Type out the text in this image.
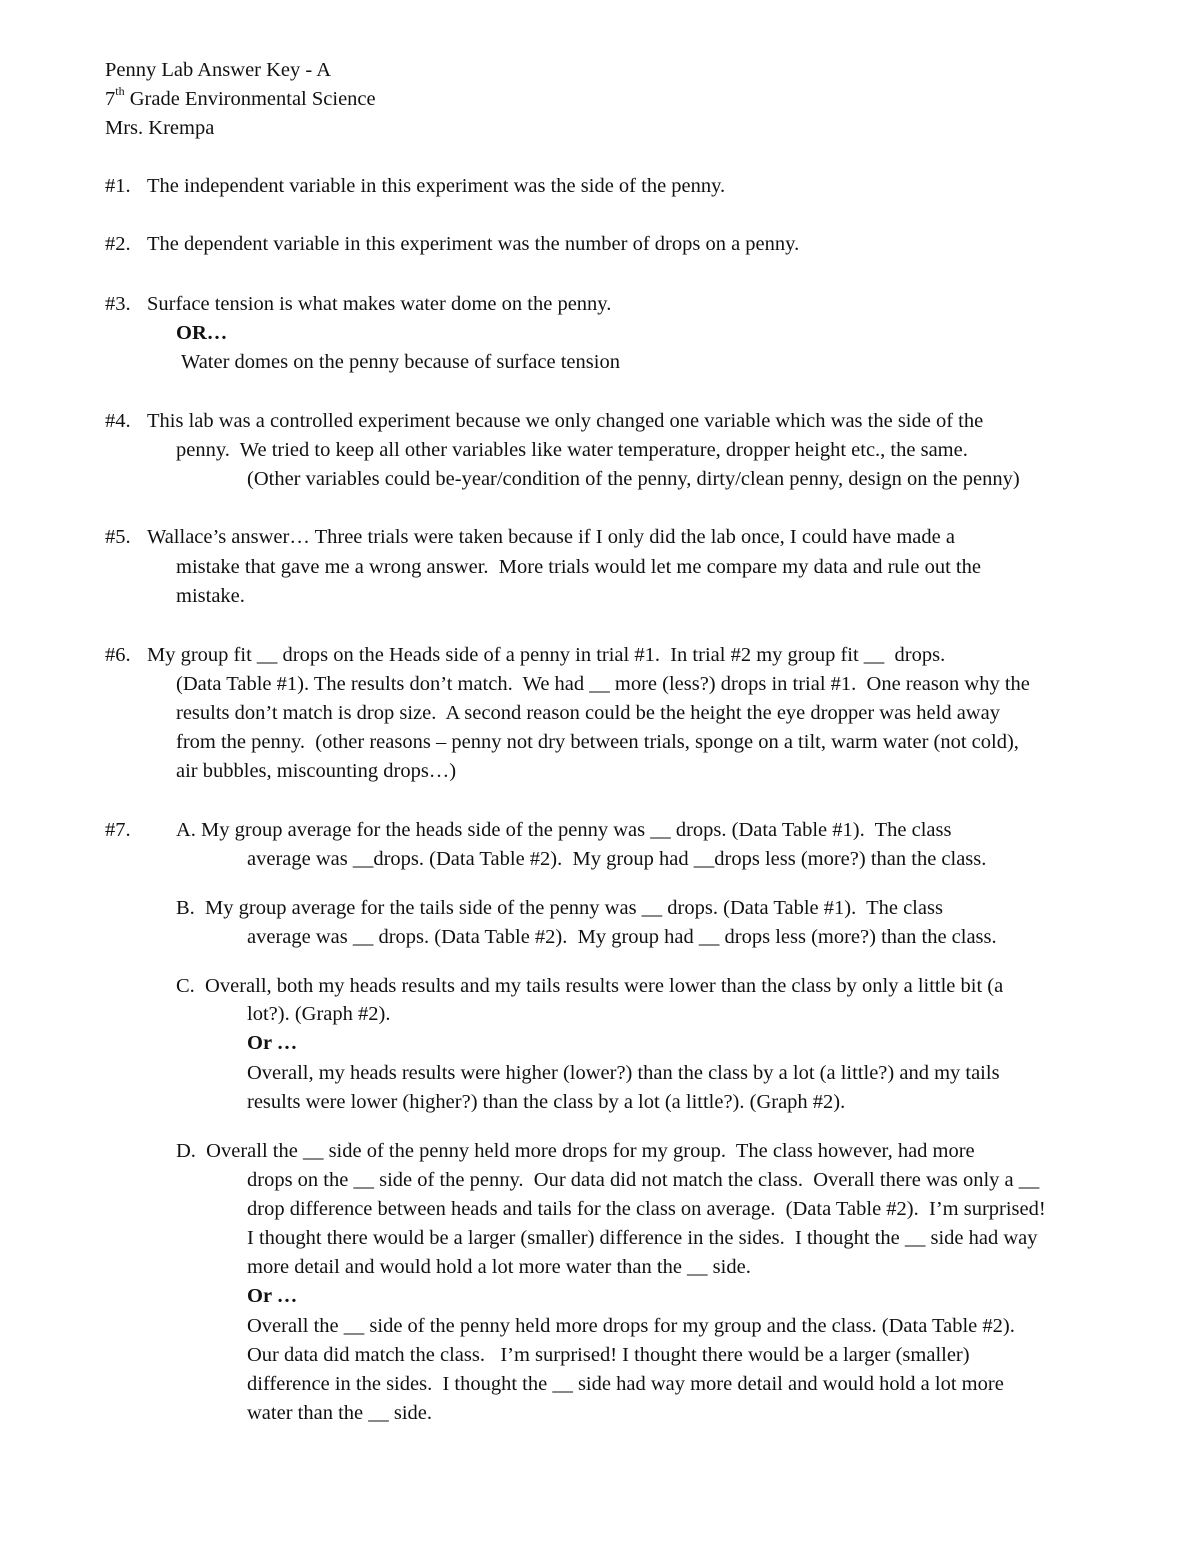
Penny Lab Answer Key - A
7th Grade Environmental Science
Mrs. Krempa
#1. The independent variable in this experiment was the side of the penny.
#2. The dependent variable in this experiment was the number of drops on a penny.
#3. Surface tension is what makes water dome on the penny.
OR…
Water domes on the penny because of surface tension
#4. This lab was a controlled experiment because we only changed one variable which was the side of the
penny.  We tried to keep all other variables like water temperature, dropper height etc., the same.
(Other variables could be-year/condition of the penny, dirty/clean penny, design on the penny)
#5. Wallace’s answer… Three trials were taken because if I only did the lab once, I could have made a
mistake that gave me a wrong answer.  More trials would let me compare my data and rule out the
mistake.
#6. My group fit __ drops on the Heads side of a penny in trial #1.  In trial #2 my group fit __  drops.
(Data Table #1). The results don’t match.  We had __ more (less?) drops in trial #1.  One reason why the
results don’t match is drop size.  A second reason could be the height the eye dropper was held away
from the penny.  (other reasons – penny not dry between trials, sponge on a tilt, warm water (not cold),
air bubbles, miscounting drops…)
#7. A. My group average for the heads side of the penny was __ drops. (Data Table #1).  The class
average was __drops. (Data Table #2).  My group had __drops less (more?) than the class.
B.  My group average for the tails side of the penny was __ drops. (Data Table #1).  The class
average was __ drops. (Data Table #2).  My group had __ drops less (more?) than the class.
C.  Overall, both my heads results and my tails results were lower than the class by only a little bit (a
lot?). (Graph #2).
Or …
Overall, my heads results were higher (lower?) than the class by a lot (a little?) and my tails
results were lower (higher?) than the class by a lot (a little?). (Graph #2).
D.  Overall the __ side of the penny held more drops for my group.  The class however, had more
drops on the __ side of the penny.  Our data did not match the class.  Overall there was only a __
drop difference between heads and tails for the class on average.  (Data Table #2).  I’m surprised!
I thought there would be a larger (smaller) difference in the sides.  I thought the __ side had way
more detail and would hold a lot more water than the __ side.
Or …
Overall the __ side of the penny held more drops for my group and the class. (Data Table #2).
Our data did match the class.   I’m surprised! I thought there would be a larger (smaller)
difference in the sides.  I thought the __ side had way more detail and would hold a lot more
water than the __ side.
